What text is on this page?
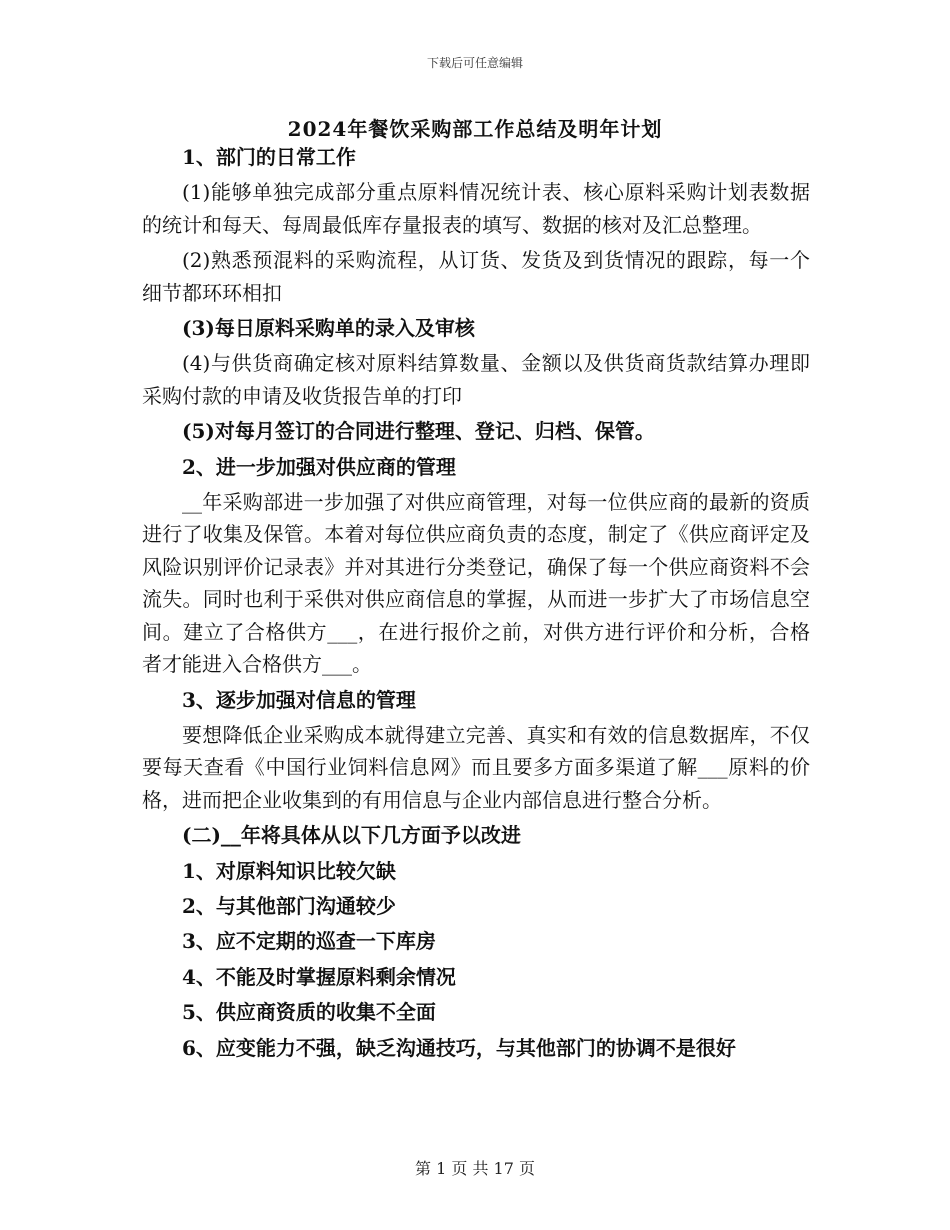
下载后可任意编辑
2024年餐饮采购部工作总结及明年计划

1、部门的日常工作

(1)能够单独完成部分重点原料情况统计表、核心原料采购计划表数据的统计和每天、每周最低库存量报表的填写、数据的核对及汇总整理。

(2)熟悉预混料的采购流程，从订货、发货及到货情况的跟踪，每一个细节都环环相扣

(3)每日原料采购单的录入及审核

(4)与供货商确定核对原料结算数量、金额以及供货商货款结算办理即采购付款的申请及收货报告单的打印

(5)对每月签订的合同进行整理、登记、归档、保管。

2、进一步加强对供应商的管理

__年采购部进一步加强了对供应商管理，对每一位供应商的最新的资质进行了收集及保管。本着对每位供应商负责的态度，制定了《供应商评定及风险识别评价记录表》并对其进行分类登记，确保了每一个供应商资料不会流失。同时也利于采供对供应商信息的掌握，从而进一步扩大了市场信息空间。建立了合格供方___，在进行报价之前，对供方进行评价和分析，合格者才能进入合格供方___。

3、逐步加强对信息的管理

要想降低企业采购成本就得建立完善、真实和有效的信息数据库，不仅要每天查看《中国行业饲料信息网》而且要多方面多渠道了解___原料的价格，进而把企业收集到的有用信息与企业内部信息进行整合分析。

(二)__年将具体从以下几方面予以改进

1、对原料知识比较欠缺

2、与其他部门沟通较少

3、应不定期的巡查一下库房

4、不能及时掌握原料剩余情况

5、供应商资质的收集不全面

6、应变能力不强，缺乏沟通技巧，与其他部门的协调不是很好

第 1 页 共 17 页
